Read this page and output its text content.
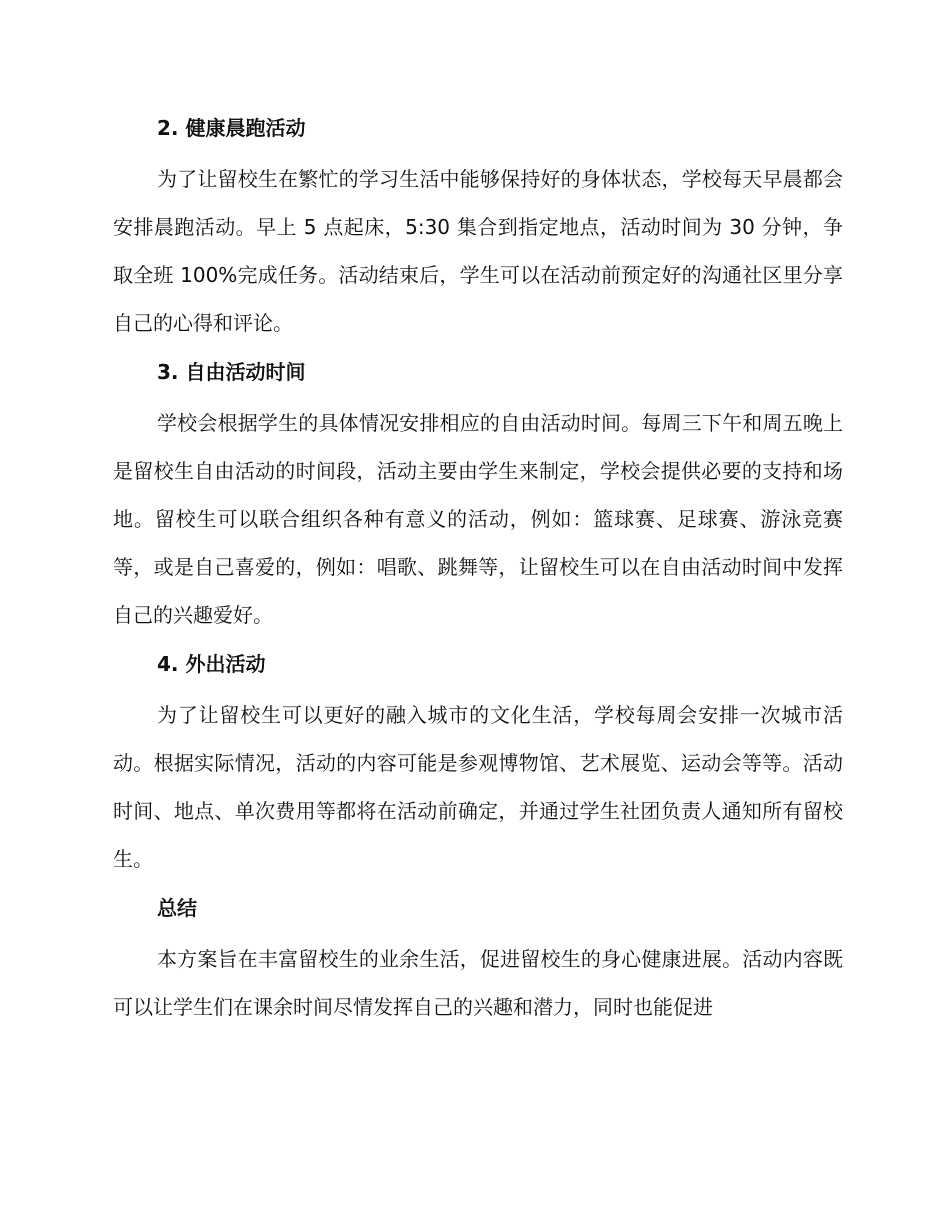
2. 健康晨跑活动

为了让留校生在繁忙的学习生活中能够保持好的身体状态，学校每天早晨都会安排晨跑活动。早上 5 点起床，5:30 集合到指定地点，活动时间为 30 分钟，争取全班 100%完成任务。活动结束后，学生可以在活动前预定好的沟通社区里分享自己的心得和评论。

3. 自由活动时间

学校会根据学生的具体情况安排相应的自由活动时间。每周三下午和周五晚上是留校生自由活动的时间段，活动主要由学生来制定，学校会提供必要的支持和场地。留校生可以联合组织各种有意义的活动，例如：篮球赛、足球赛、游泳竞赛等，或是自己喜爱的，例如：唱歌、跳舞等，让留校生可以在自由活动时间中发挥自己的兴趣爱好。

4. 外出活动

为了让留校生可以更好的融入城市的文化生活，学校每周会安排一次城市活动。根据实际情况，活动的内容可能是参观博物馆、艺术展览、运动会等等。活动时间、地点、单次费用等都将在活动前确定，并通过学生社团负责人通知所有留校生。

总结

本方案旨在丰富留校生的业余生活，促进留校生的身心健康进展。活动内容既可以让学生们在课余时间尽情发挥自己的兴趣和潜力，同时也能促进
